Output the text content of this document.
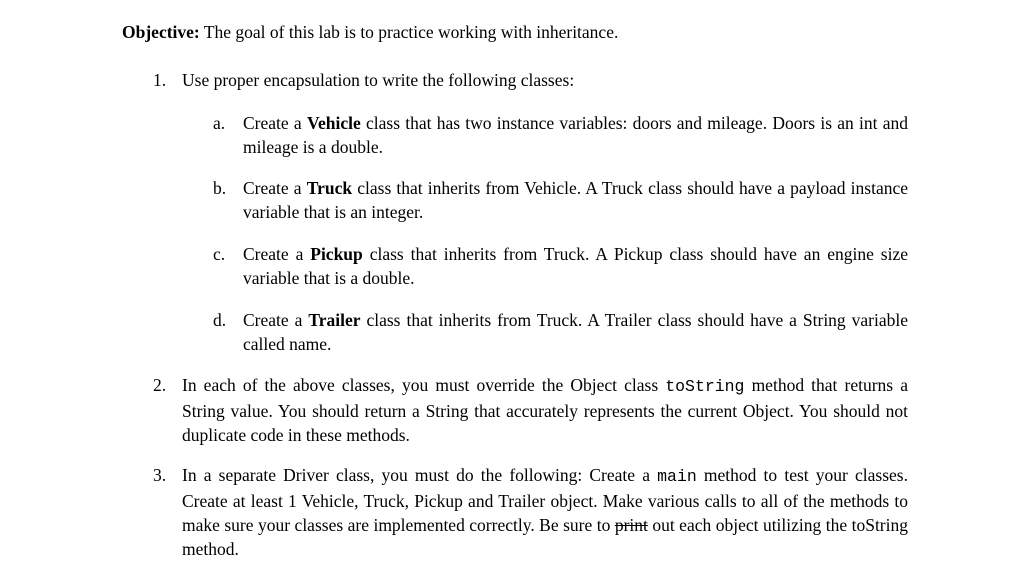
Objective: The goal of this lab is to practice working with inheritance.

1. Use proper encapsulation to write the following classes:
a. Create a Vehicle class that has two instance variables: doors and mileage. Doors is an int and mileage is a double.
b. Create a Truck class that inherits from Vehicle. A Truck class should have a payload instance variable that is an integer.
c. Create a Pickup class that inherits from Truck. A Pickup class should have an engine size variable that is a double.
d. Create a Trailer class that inherits from Truck. A Trailer class should have a String variable called name.
2. In each of the above classes, you must override the Object class toString method that returns a String value. You should return a String that accurately represents the current Object. You should not duplicate code in these methods.
3. In a separate Driver class, you must do the following: Create a main method to test your classes. Create at least 1 Vehicle, Truck, Pickup and Trailer object. Make various calls to all of the methods to make sure your classes are implemented correctly. Be sure to print out each object utilizing the toString method.
